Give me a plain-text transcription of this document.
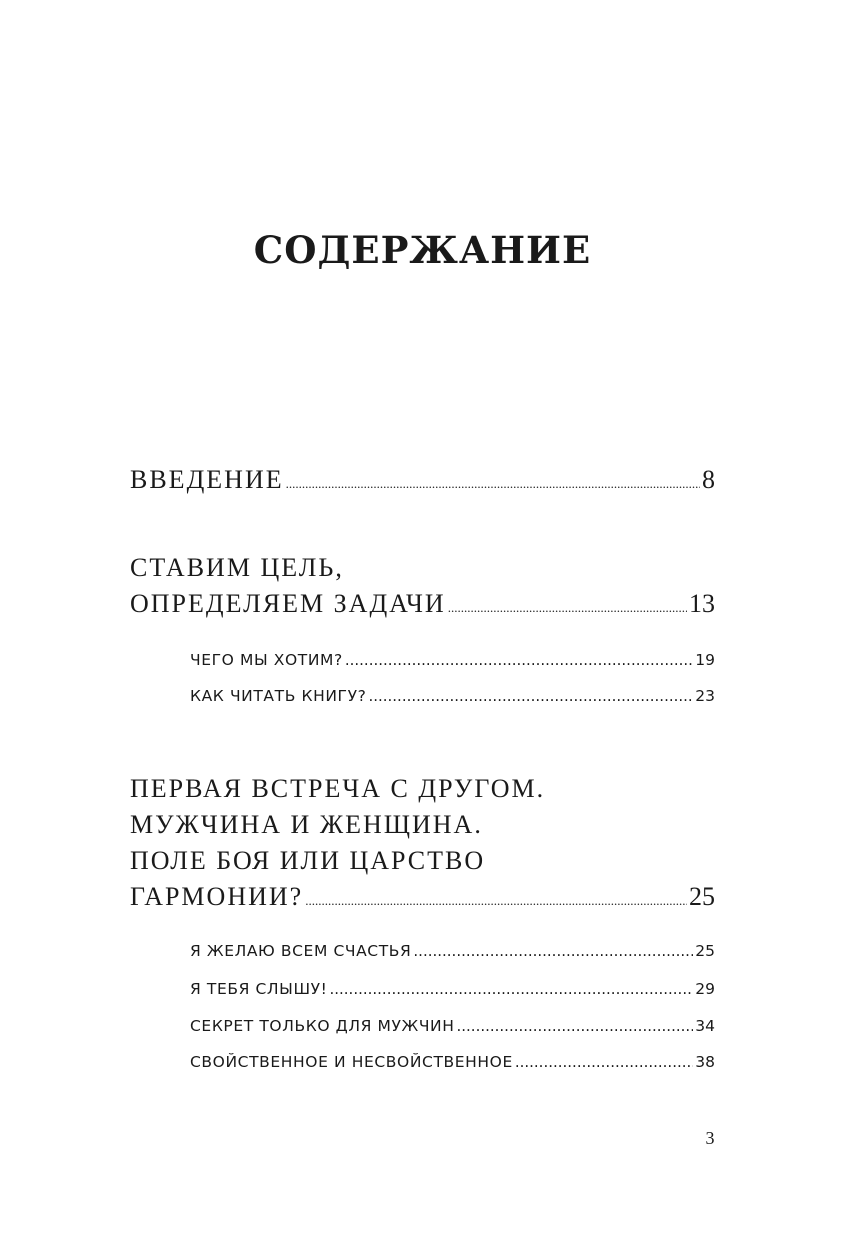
СОДЕРЖАНИЕ
ВВЕДЕНИЕ .....	8
СТАВИМ ЦЕЛЬ,
ОПРЕДЕЛЯЕМ ЗАДАЧИ .....	13
ЧЕГО МЫ ХОТИМ? .....	19
КАК ЧИТАТЬ КНИГУ? .....	23
ПЕРВАЯ ВСТРЕЧА С ДРУГОМ.
МУЖЧИНА И ЖЕНЩИНА.
ПОЛЕ БОЯ ИЛИ ЦАРСТВО
ГАРМОНИИ? .....	25
Я ЖЕЛАЮ ВСЕМ СЧАСТЬЯ .....	25
Я ТЕБЯ СЛЫШУ! .....	29
СЕКРЕТ ТОЛЬКО ДЛЯ МУЖЧИН .....	34
СВОЙСТВЕННОЕ И НЕСВОЙСТВЕННОЕ .....	38
3
